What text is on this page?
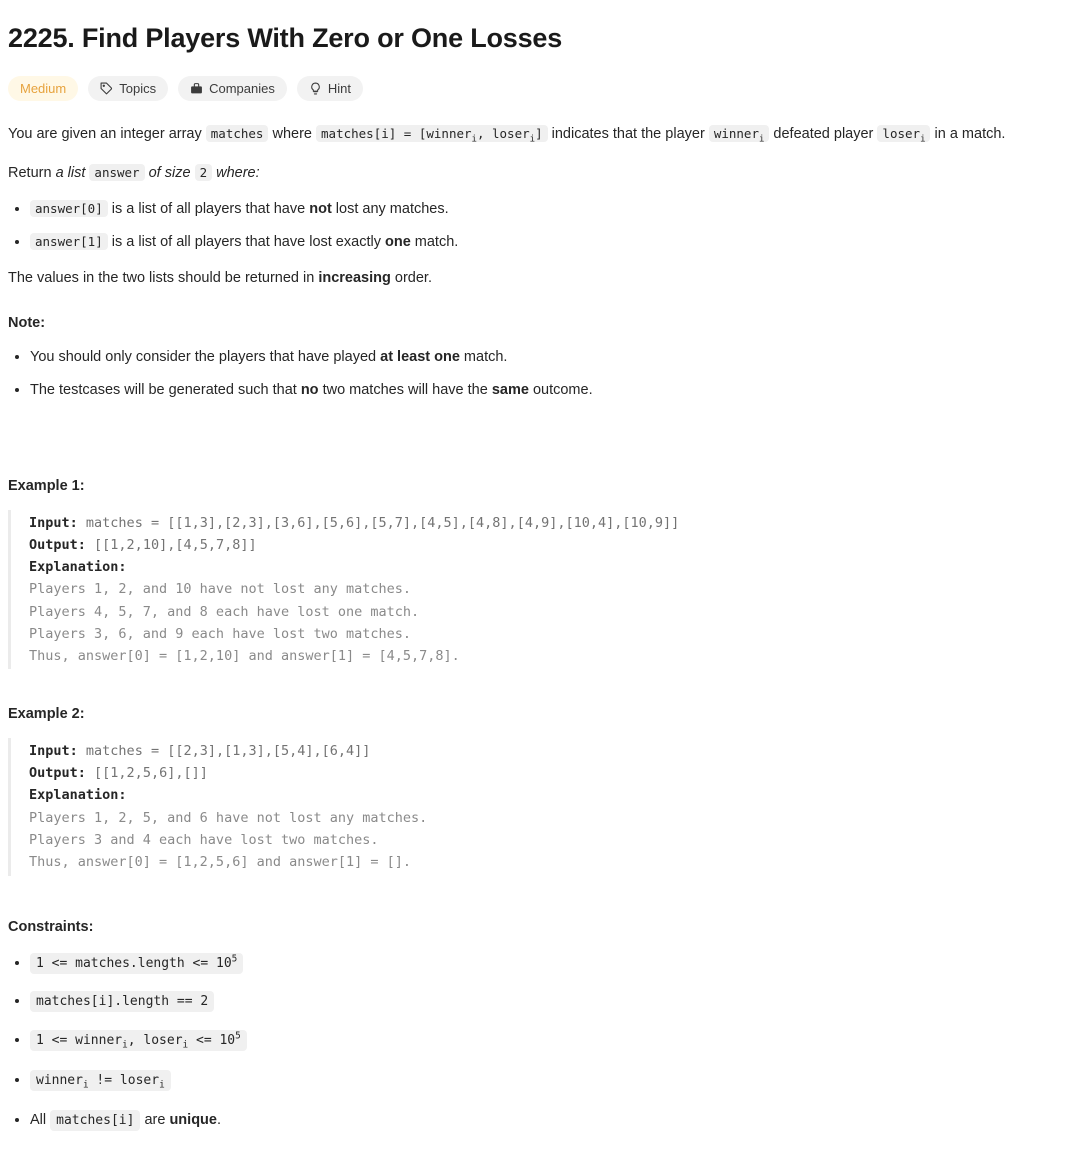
2225. Find Players With Zero or One Losses
Medium	Topics	Companies	Hint

You are given an integer array matches where matches[i] = [winner$_i$, loser$_i$] indicates that the player winner$_i$ defeated player loser$_i$ in a match.

Return a list answer of size 2 where:

• answer[0] is a list of all players that have not lost any matches.
• answer[1] is a list of all players that have lost exactly one match.

The values in the two lists should be returned in increasing order.

Note:
• You should only consider the players that have played at least one match.
• The testcases will be generated such that no two matches will have the same outcome.
Example 1:
Input: matches = [[1,3],[2,3],[3,6],[5,6],[5,7],[4,5],[4,8],[4,9],[10,4],[10,9]]
Output: [[1,2,10],[4,5,7,8]]
Explanation:
Players 1, 2, and 10 have not lost any matches.
Players 4, 5, 7, and 8 each have lost one match.
Players 3, 6, and 9 each have lost two matches.
Thus, answer[0] = [1,2,10] and answer[1] = [4,5,7,8].
Example 2:
Input: matches = [[2,3],[1,3],[5,4],[6,4]]
Output: [[1,2,5,6],[]]
Explanation:
Players 1, 2, 5, and 6 have not lost any matches.
Players 3 and 4 each have lost two matches.
Thus, answer[0] = [1,2,5,6] and answer[1] = [].
Constraints:
• 1 <= matches.length <= $10^5$
• matches[i].length == 2
• 1 <= winner$_i$, loser$_i$ <= $10^5$
• winner$_i$ != loser$_i$
• All matches[i] are unique.
